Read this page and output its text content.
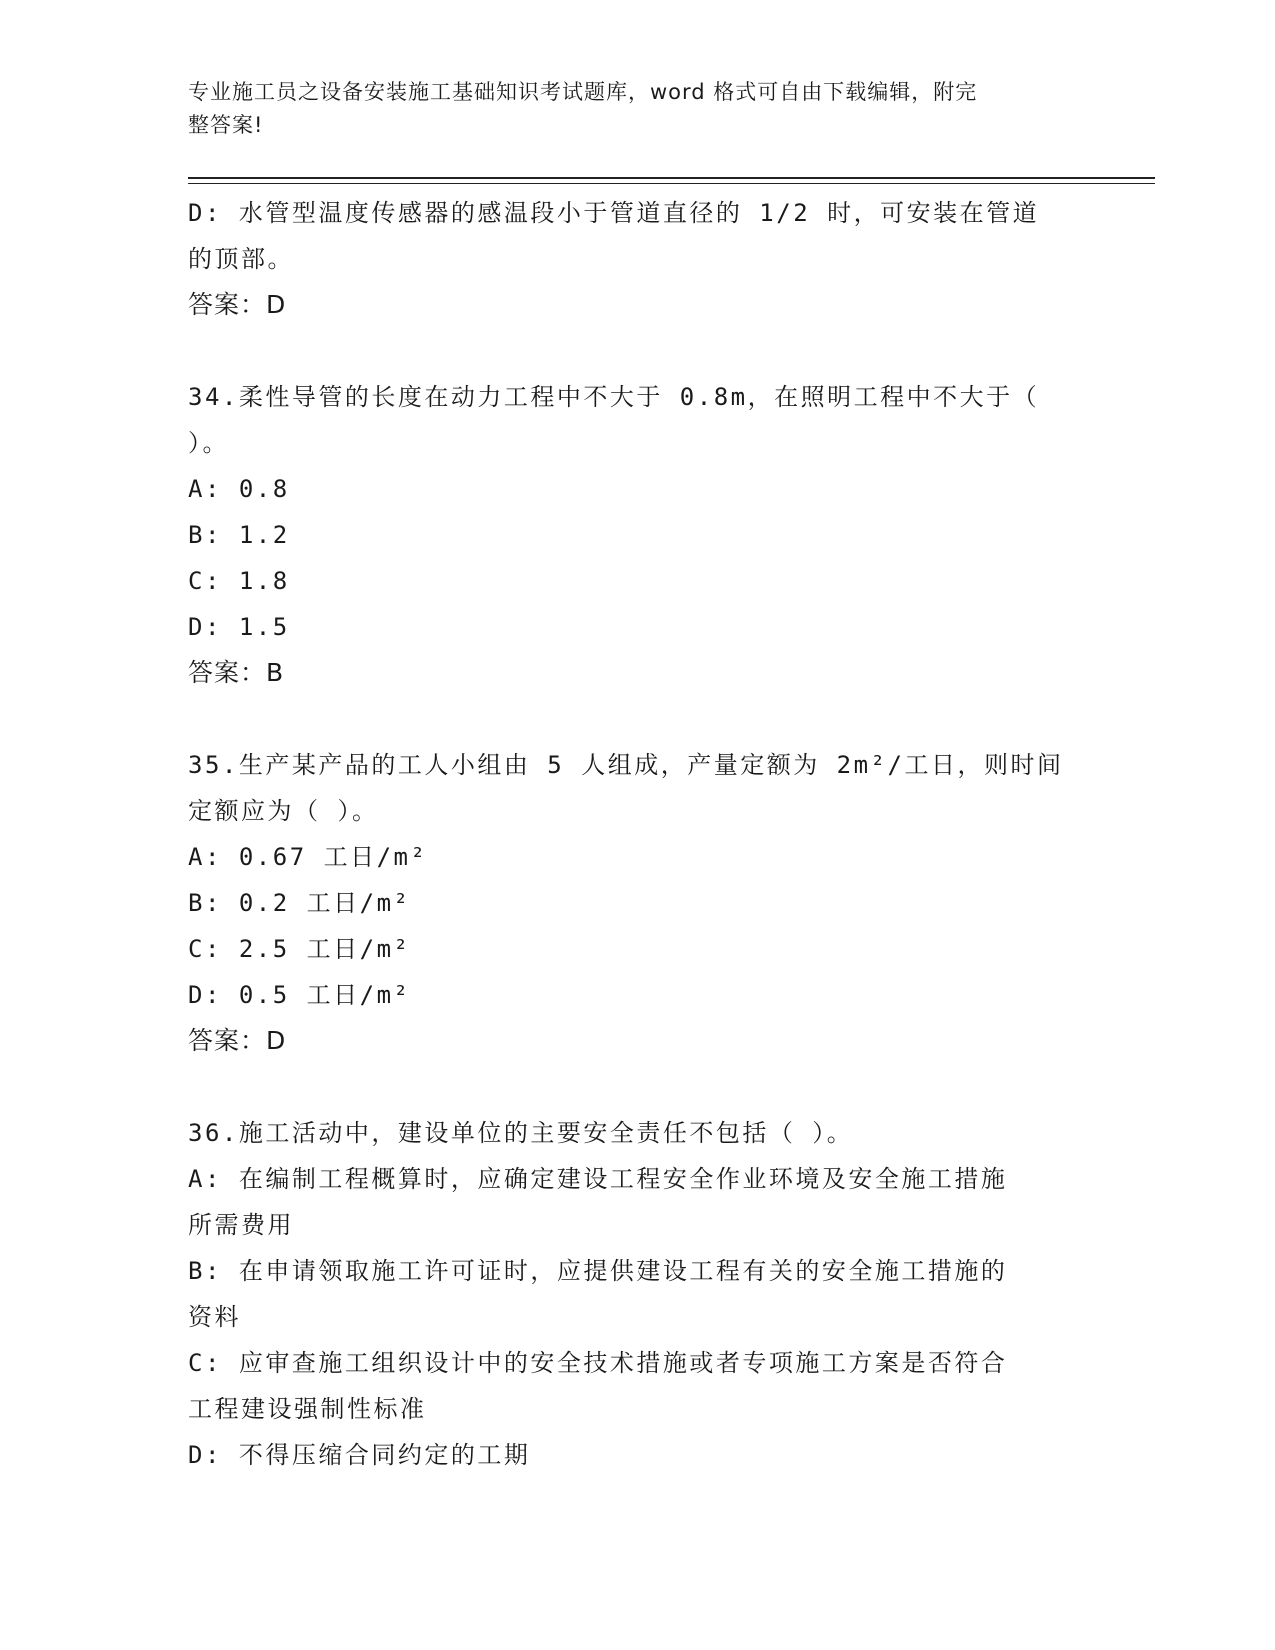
专业施工员之设备安装施工基础知识考试题库，word 格式可自由下载编辑，附完
整答案!
D: 水管型温度传感器的感温段小于管道直径的 1/2 时，可安装在管道
的顶部。
答案：D
34.柔性导管的长度在动力工程中不大于 0.8m，在照明工程中不大于（
）。
A: 0.8
B: 1.2
C: 1.8
D: 1.5
答案：B
35.生产某产品的工人小组由 5 人组成，产量定额为 2m²/工日，则时间
定额应为（ ）。
A: 0.67 工日/m²
B: 0.2 工日/m²
C: 2.5 工日/m²
D: 0.5 工日/m²
答案：D
36.施工活动中，建设单位的主要安全责任不包括（ ）。
A: 在编制工程概算时，应确定建设工程安全作业环境及安全施工措施
所需费用
B: 在申请领取施工许可证时，应提供建设工程有关的安全施工措施的
资料
C: 应审查施工组织设计中的安全技术措施或者专项施工方案是否符合
工程建设强制性标准
D: 不得压缩合同约定的工期
